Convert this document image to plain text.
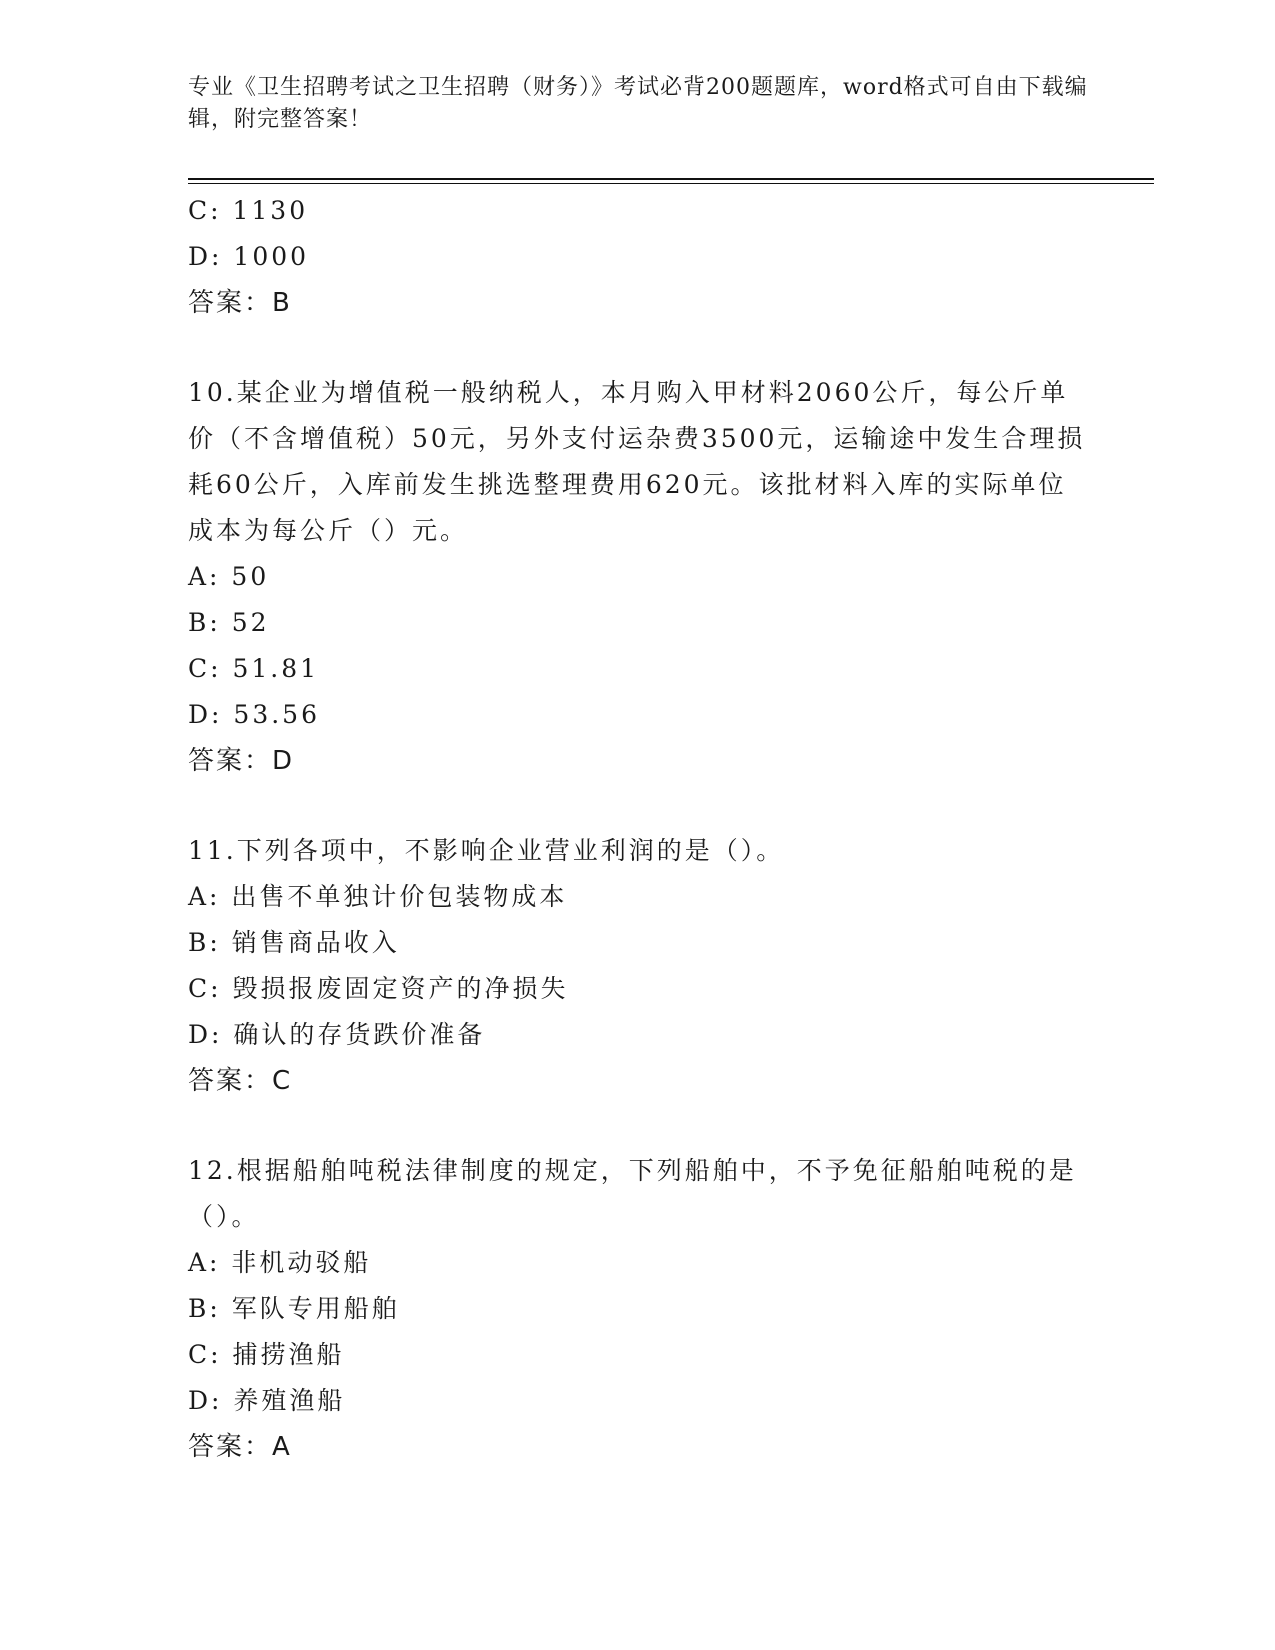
专业《卫生招聘考试之卫生招聘（财务）》考试必背200题题库，word格式可自由下载编辑，附完整答案！
C: 1130
D: 1000
答案：B
10.某企业为增值税一般纳税人，本月购入甲材料2060公斤，每公斤单价（不含增值税）50元，另外支付运杂费3500元，运输途中发生合理损耗60公斤，入库前发生挑选整理费用620元。该批材料入库的实际单位成本为每公斤（）元。
A: 50
B: 52
C: 51.81
D: 53.56
答案：D
11.下列各项中，不影响企业营业利润的是（）。
A: 出售不单独计价包装物成本
B: 销售商品收入
C: 毁损报废固定资产的净损失
D: 确认的存货跌价准备
答案：C
12.根据船舶吨税法律制度的规定，下列船舶中，不予免征船舶吨税的是（）。
A: 非机动驳船
B: 军队专用船舶
C: 捕捞渔船
D: 养殖渔船
答案：A
